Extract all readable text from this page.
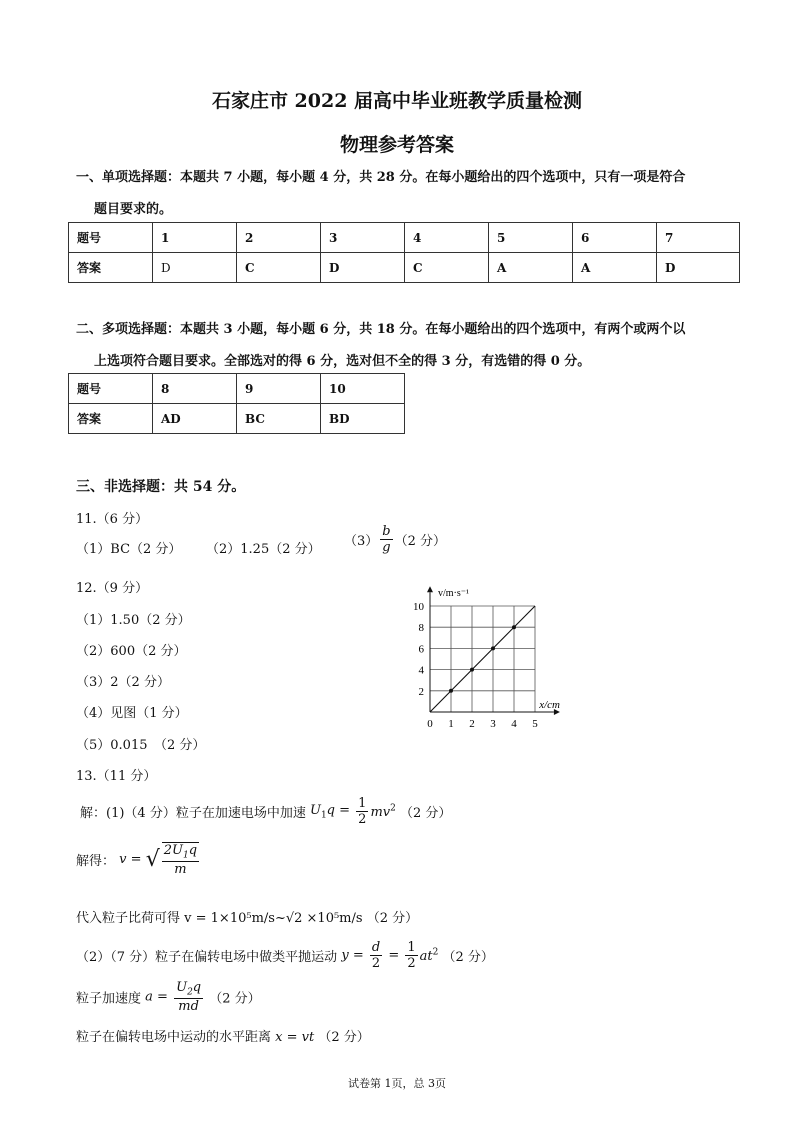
石家庄市 2022 届高中毕业班教学质量检测
物理参考答案
一、单项选择题：本题共 7 小题，每小题 4 分，共 28 分。在每小题给出的四个选项中，只有一项是符合
题目要求的。
题号	1	2	3	4	5	6	7
答案	D	C	D	C	A	A	D
二、多项选择题：本题共 3 小题，每小题 6 分，共 18 分。在每小题给出的四个选项中，有两个或两个以
上选项符合题目要求。全部选对的得 6 分，选对但不全的得 3 分，有选错的得 0 分。
题号	8	9	10
答案	AD	BC	BD
三、非选择题：共 54 分。
11.（6 分）
（1）BC（2 分） （2）1.25（2 分）
$(3) \frac{b}{g} (2$ 分）
12.（9 分）
（1）1.50（2 分）
（2）600（2 分）
（3）2（2 分）
（4）见图（1 分）
（5）0.015　（2 分）
0 1 2 3 4 5
2
4
6
8
10
x/cm
v/m·s⁻¹
13.（11 分）
解：(1)（4 分）粒子在加速电场中加速 $U_1q = \frac{1}{2} mv^2$ （2 分）
解得： v = √ $\frac{2U_1q}{m}$
代入粒子比荷可得 v = 1×10⁵m/s~√2 ×10⁵m/s （2 分）
（2）（7 分）粒子在偏转电场中做类平抛运动 $y = \frac{d}{2} = \frac{1}{2} at^2$ （2 分）
粒子加速度 $a = \frac{U_2q}{md} (2$ 分）
粒子在偏转电场中运动的水平距离 x = vt （2 分）
试卷第 1页，总 3页
